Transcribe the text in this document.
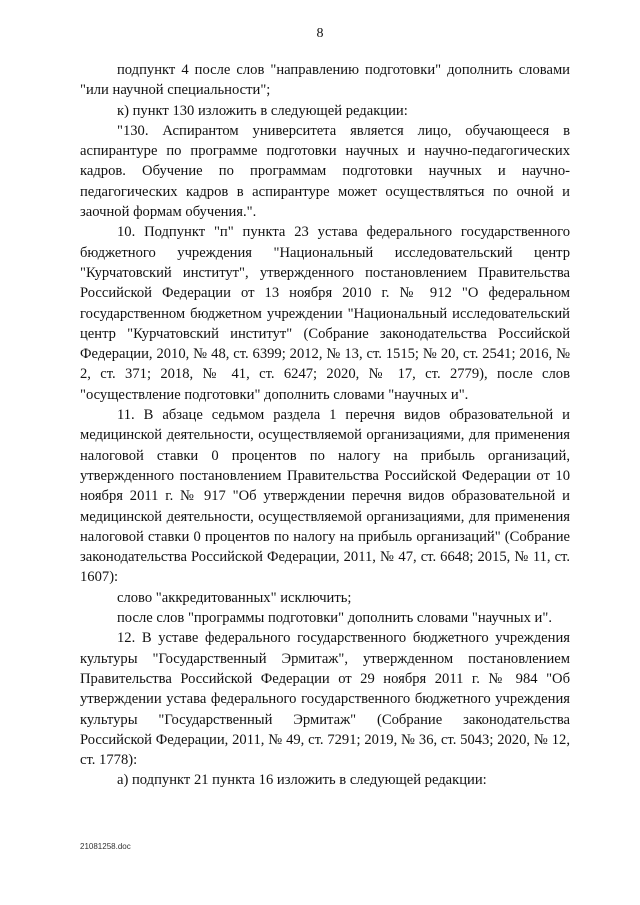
8

подпункт 4 после слов "направлению подготовки" дополнить словами "или научной специальности";

к) пункт 130 изложить в следующей редакции:

"130. Аспирантом университета является лицо, обучающееся в аспирантуре по программе подготовки научных и научно-педагогических кадров. Обучение по программам подготовки научных и научно-педагогических кадров в аспирантуре может осуществляться по очной и заочной формам обучения.".

10. Подпункт "п" пункта 23 устава федерального государственного бюджетного учреждения "Национальный исследовательский центр "Курчатовский институт", утвержденного постановлением Правительства Российской Федерации от 13 ноября 2010 г. № 912 "О федеральном государственном бюджетном учреждении "Национальный исследовательский центр "Курчатовский институт" (Собрание законодательства Российской Федерации, 2010, № 48, ст. 6399; 2012, № 13, ст. 1515; № 20, ст. 2541; 2016, № 2, ст. 371; 2018, № 41, ст. 6247; 2020, № 17, ст. 2779), после слов "осуществление подготовки" дополнить словами "научных и".

11. В абзаце седьмом раздела 1 перечня видов образовательной и медицинской деятельности, осуществляемой организациями, для применения налоговой ставки 0 процентов по налогу на прибыль организаций, утвержденного постановлением Правительства Российской Федерации от 10 ноября 2011 г. № 917 "Об утверждении перечня видов образовательной и медицинской деятельности, осуществляемой организациями, для применения налоговой ставки 0 процентов по налогу на прибыль организаций" (Собрание законодательства Российской Федерации, 2011, № 47, ст. 6648; 2015, № 11, ст. 1607):

слово "аккредитованных" исключить;

после слов "программы подготовки" дополнить словами "научных и".

12. В уставе федерального государственного бюджетного учреждения культуры "Государственный Эрмитаж", утвержденном постановлением Правительства Российской Федерации от 29 ноября 2011 г. № 984 "Об утверждении устава федерального государственного бюджетного учреждения культуры "Государственный Эрмитаж" (Собрание законодательства Российской Федерации, 2011, № 49, ст. 7291; 2019, № 36, ст. 5043; 2020, № 12, ст. 1778):

а) подпункт 21 пункта 16 изложить в следующей редакции:

21081258.doc
